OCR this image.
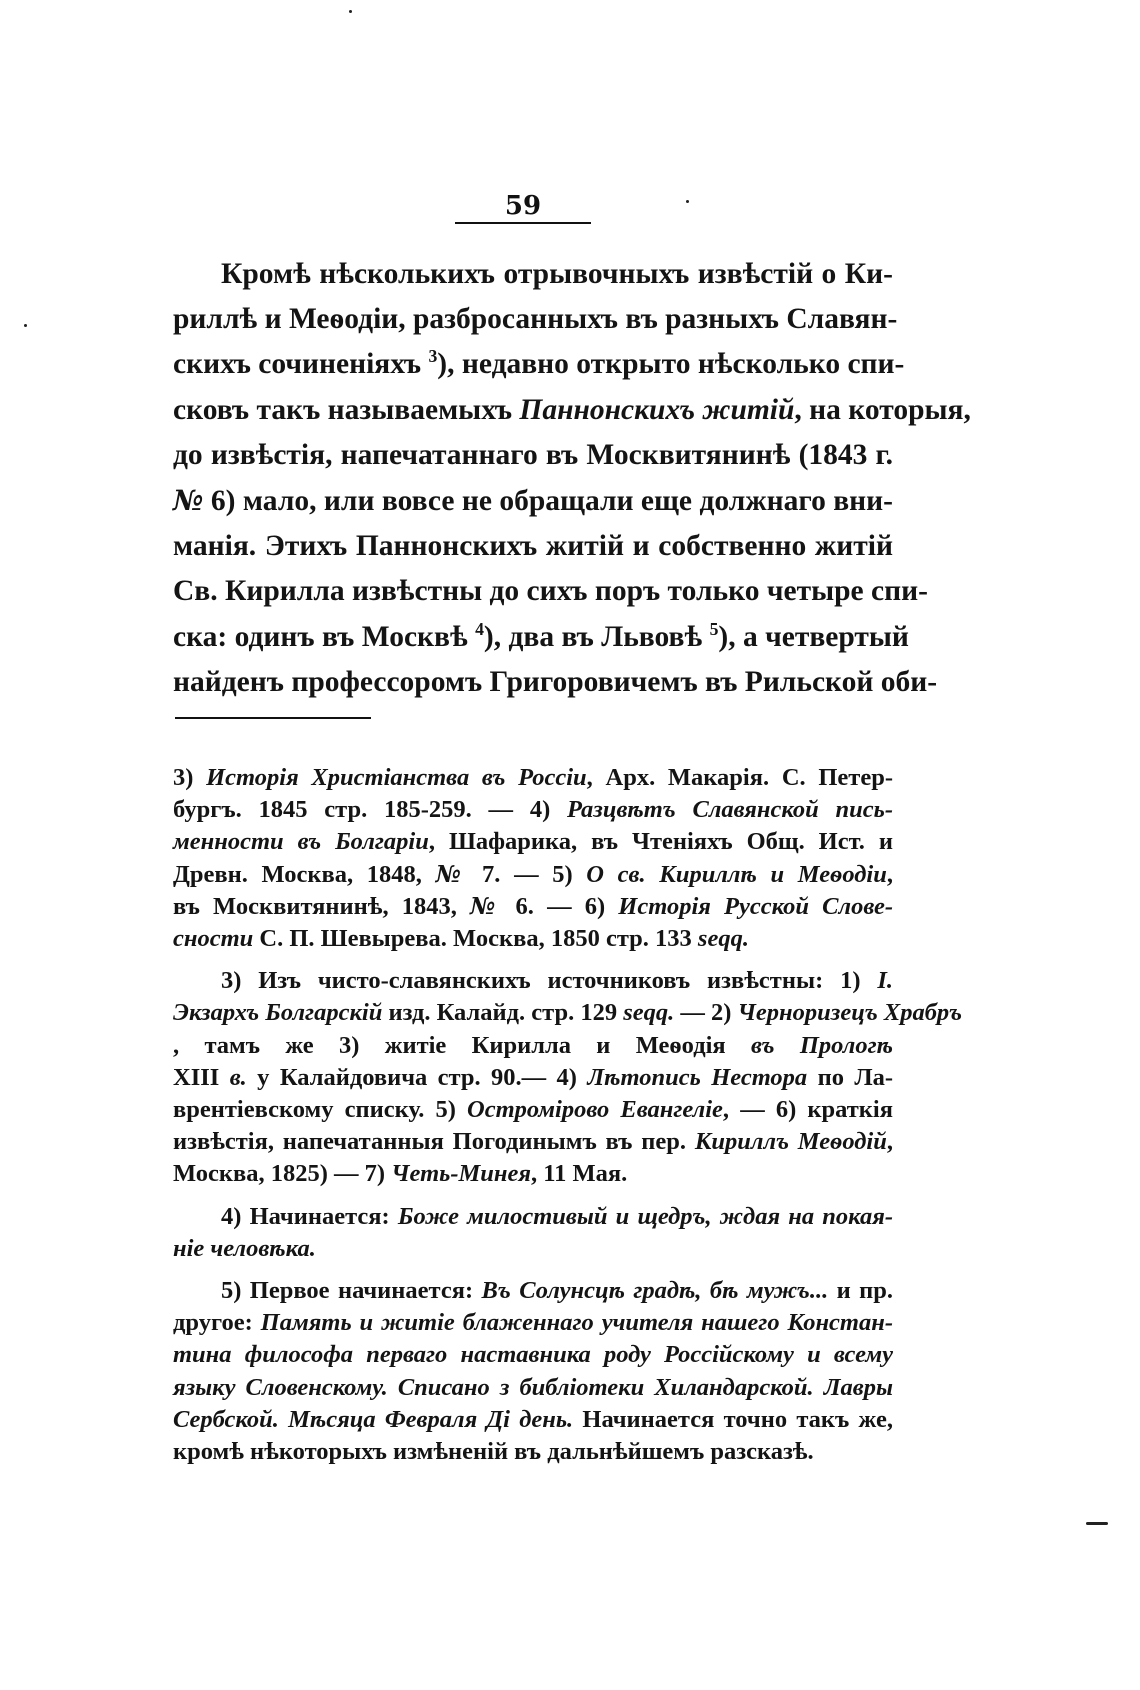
59
Кромѣ нѣсколькихъ отрывочныхъ извѣстій о Ки-
риллѣ и Меѳодіи, разбросанныхъ въ разныхъ Славян-
скихъ сочиненіяхъ $^3$), недавно открыто нѣсколько спи-
сковъ такъ называемыхъ Паннонскихъ житій, на которыя,
до извѣстія, напечатаннаго въ Москвитянинѣ (1843 г.
№ 6) мало, или вовсе не обращали еще должнаго вни-
манія. Этихъ Паннонскихъ житій и собственно житій
Св. Кирилла извѣстны до сихъ поръ только четыре спи-
ска: одинъ въ Москвѣ $^4$), два въ Львовѣ $^5$), а четвертый
найденъ профессоромъ Григоровичемъ въ Рильской оби-
3) Исторія Христіанства въ Россіи, Арх. Макарія. С. Петер-
бургъ. 1845 стр. 185-259. — 4) Разцвѣтъ Славянской пись-
менности въ Болгаріи, Шафарика, въ Чтеніяхъ Общ. Ист. и
Древн. Москва, 1848, № 7. — 5) О св. Кириллѣ и Меѳодіи,
въ Москвитянинѣ, 1843, № 6. — 6) Исторія Русской Слове-
сности С. П. Шевырева. Москва, 1850 стр. 133 seqq.
3) Изъ чисто-славянскихъ источниковъ извѣстны: 1) І.
Экзархъ Болгарскій изд. Калайд. стр. 129 seqq. — 2) Черноризецъ Храбръ
, тамъ же 3) житіе Кирилла и Меѳодія въ Прологѣ
XIII в. у Калайдовича стр. 90.— 4) Лѣтопись Нестора по Ла-
врентіевскому списку. 5) Остромірово Евангеліе, — 6) краткія
извѣстія, напечатанныя Погодинымъ въ пер. Кириллъ Меѳодій,
Москва, 1825) — 7) Четь-Минея, 11 Мая.
4) Начинается: Боже милостивый и щедръ, ждая на покая-
ніе человѣка.
5) Первое начинается: Въ Солунсцѣ градѣ, бѣ мужъ... и пр.
другое: Память и житіе блаженнаго учителя нашего Констан-
тина философа перваго наставника роду Россійскому и всему
языку Словенскому. Списано з библіотеки Хиландарской. Лавры
Сербской. Мѣсяца Февраля Ді день. Начинается точно такъ же,
кромѣ нѣкоторыхъ измѣненій въ дальнѣйшемъ разсказѣ.
